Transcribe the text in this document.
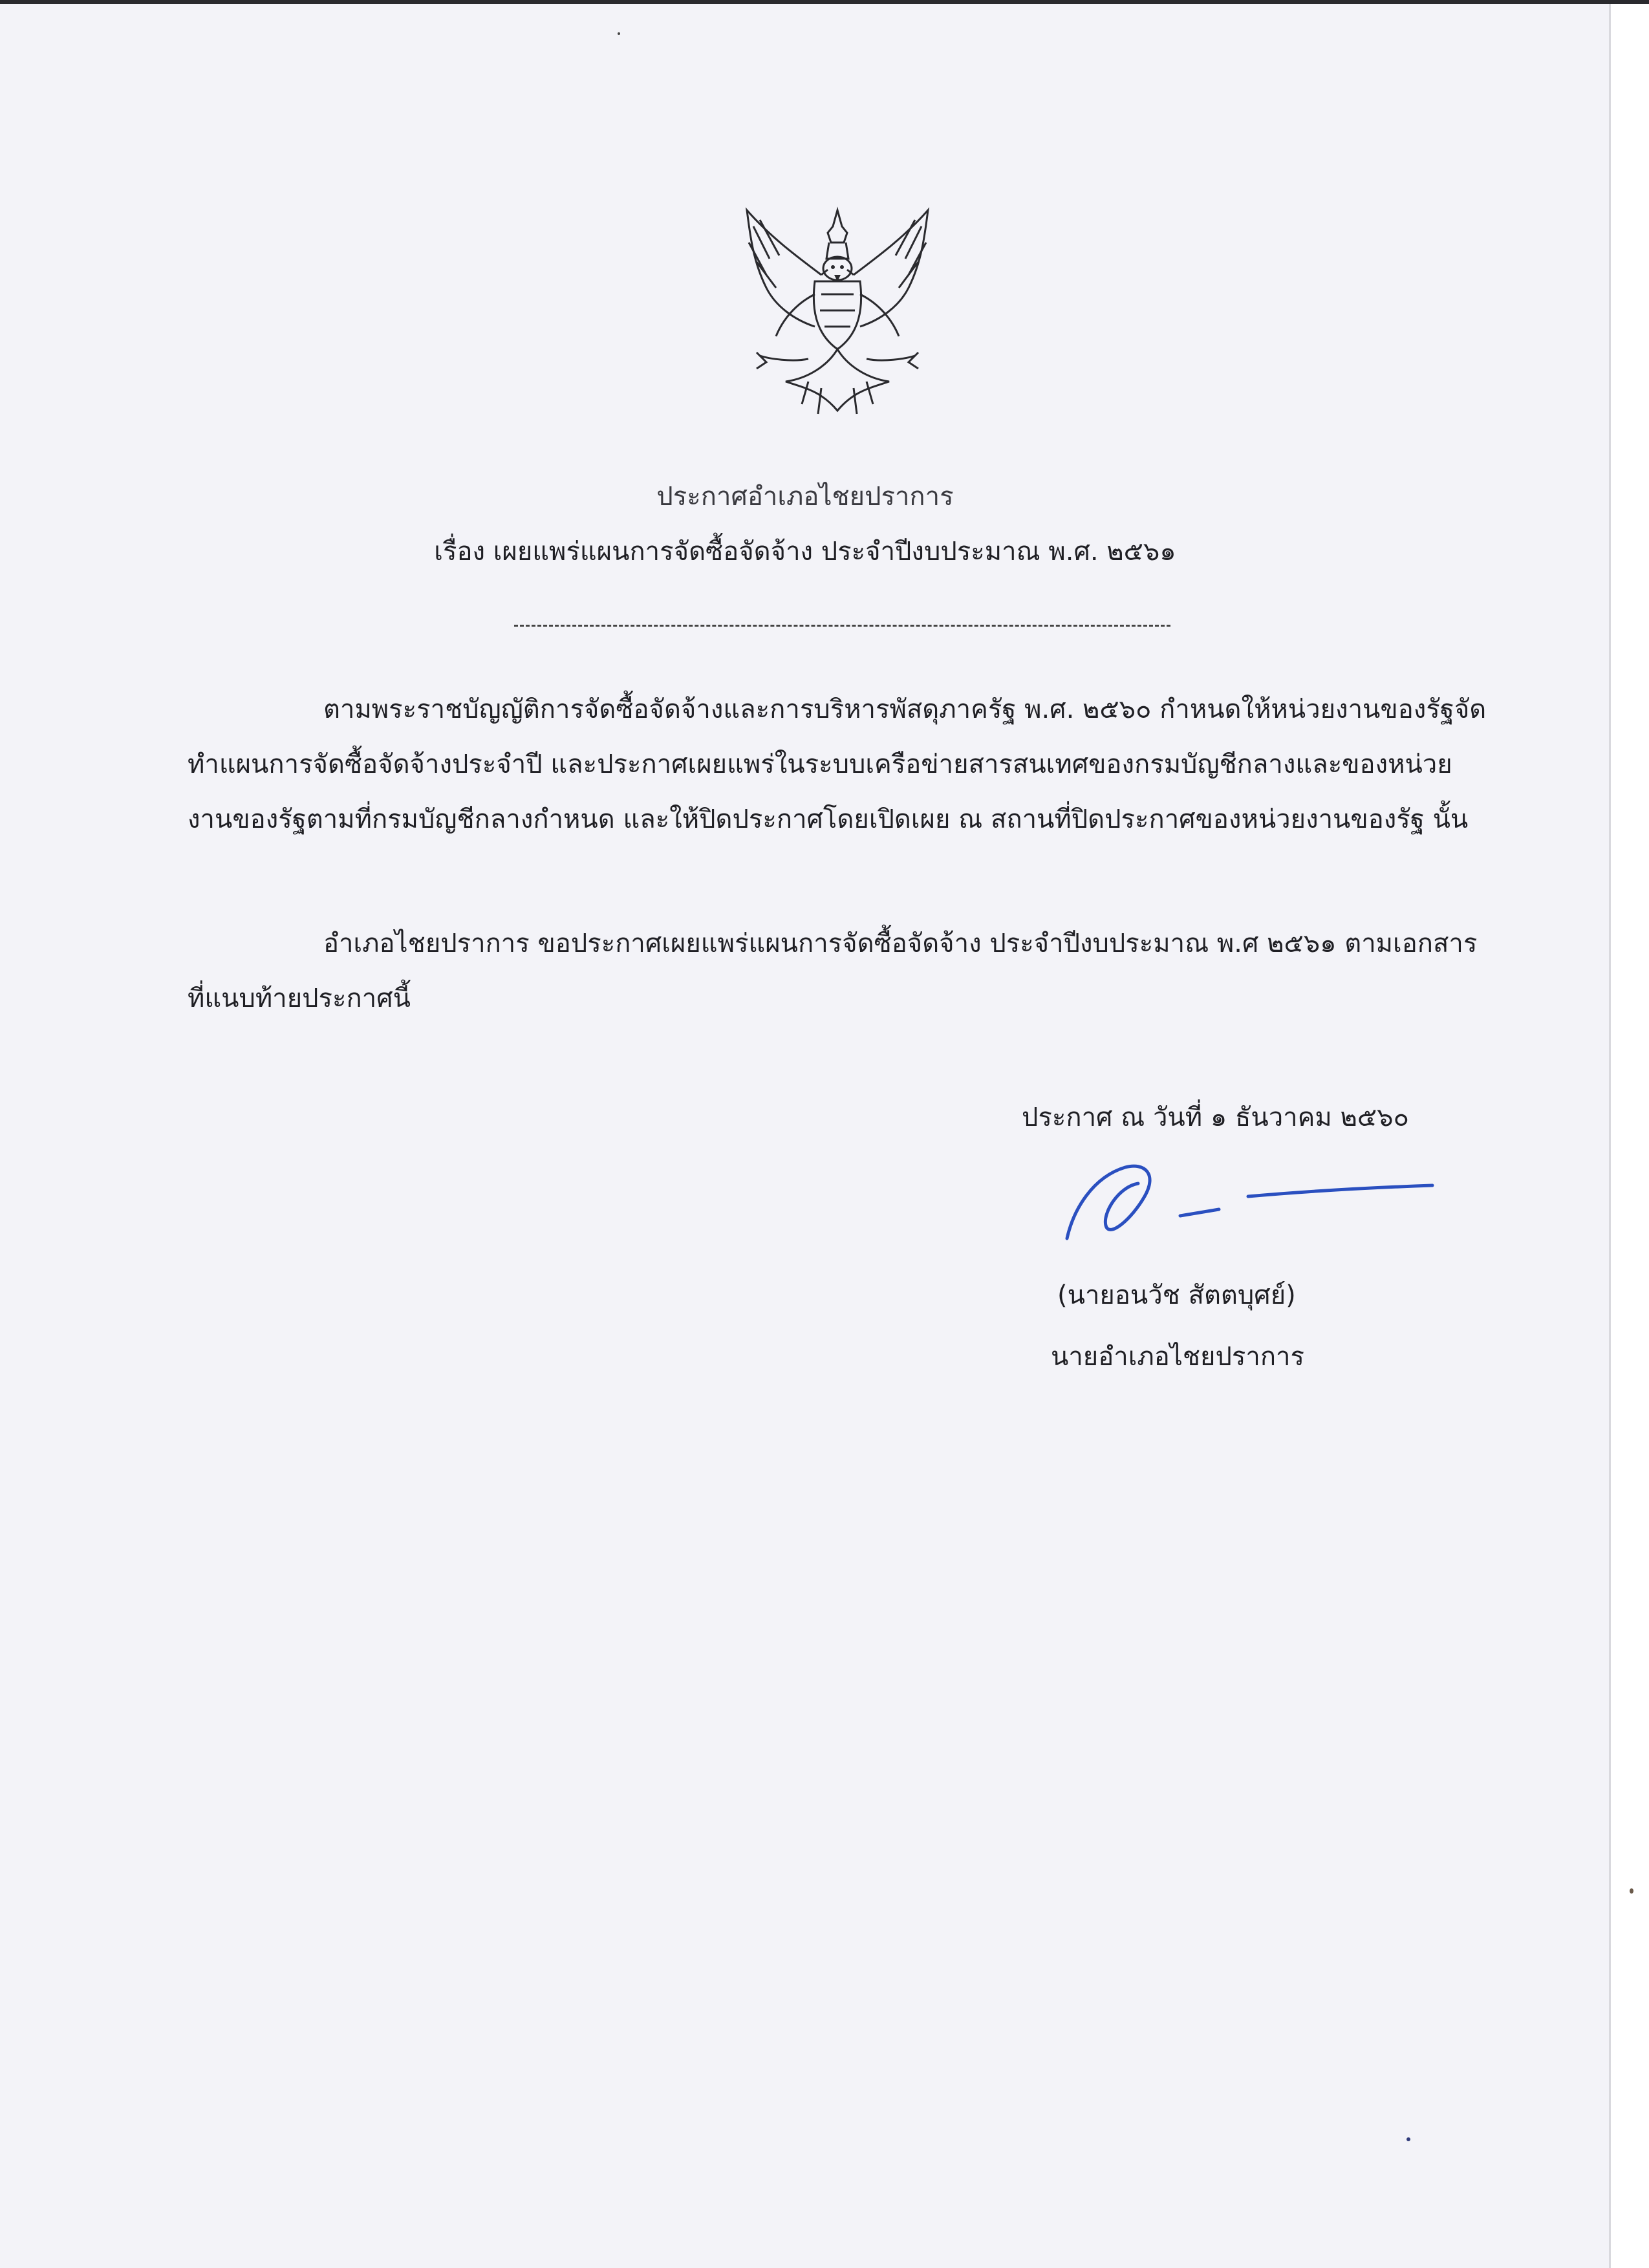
ประกาศอำเภอไชยปราการ
เรื่อง เผยแพร่แผนการจัดซื้อจัดจ้าง ประจำปีงบประมาณ พ.ศ. ๒๕๖๑

ตามพระราชบัญญัติการจัดซื้อจัดจ้างและการบริหารพัสดุภาครัฐ พ.ศ. ๒๕๖๐ กำหนดให้หน่วยงานของรัฐจัดทำแผนการจัดซื้อจัดจ้างประจำปี และประกาศเผยแพร่ในระบบเครือข่ายสารสนเทศของกรมบัญชีกลางและของหน่วยงานของรัฐตามที่กรมบัญชีกลางกำหนด และให้ปิดประกาศโดยเปิดเผย ณ สถานที่ปิดประกาศของหน่วยงานของรัฐ นั้น

อำเภอไชยปราการ ขอประกาศเผยแพร่แผนการจัดซื้อจัดจ้าง ประจำปีงบประมาณ พ.ศ ๒๕๖๑ ตามเอกสารที่แนบท้ายประกาศนี้

ประกาศ ณ วันที่ ๑ ธันวาคม ๒๕๖๐
(นายอนวัช สัตตบุศย์)
นายอำเภอไชยปราการ
